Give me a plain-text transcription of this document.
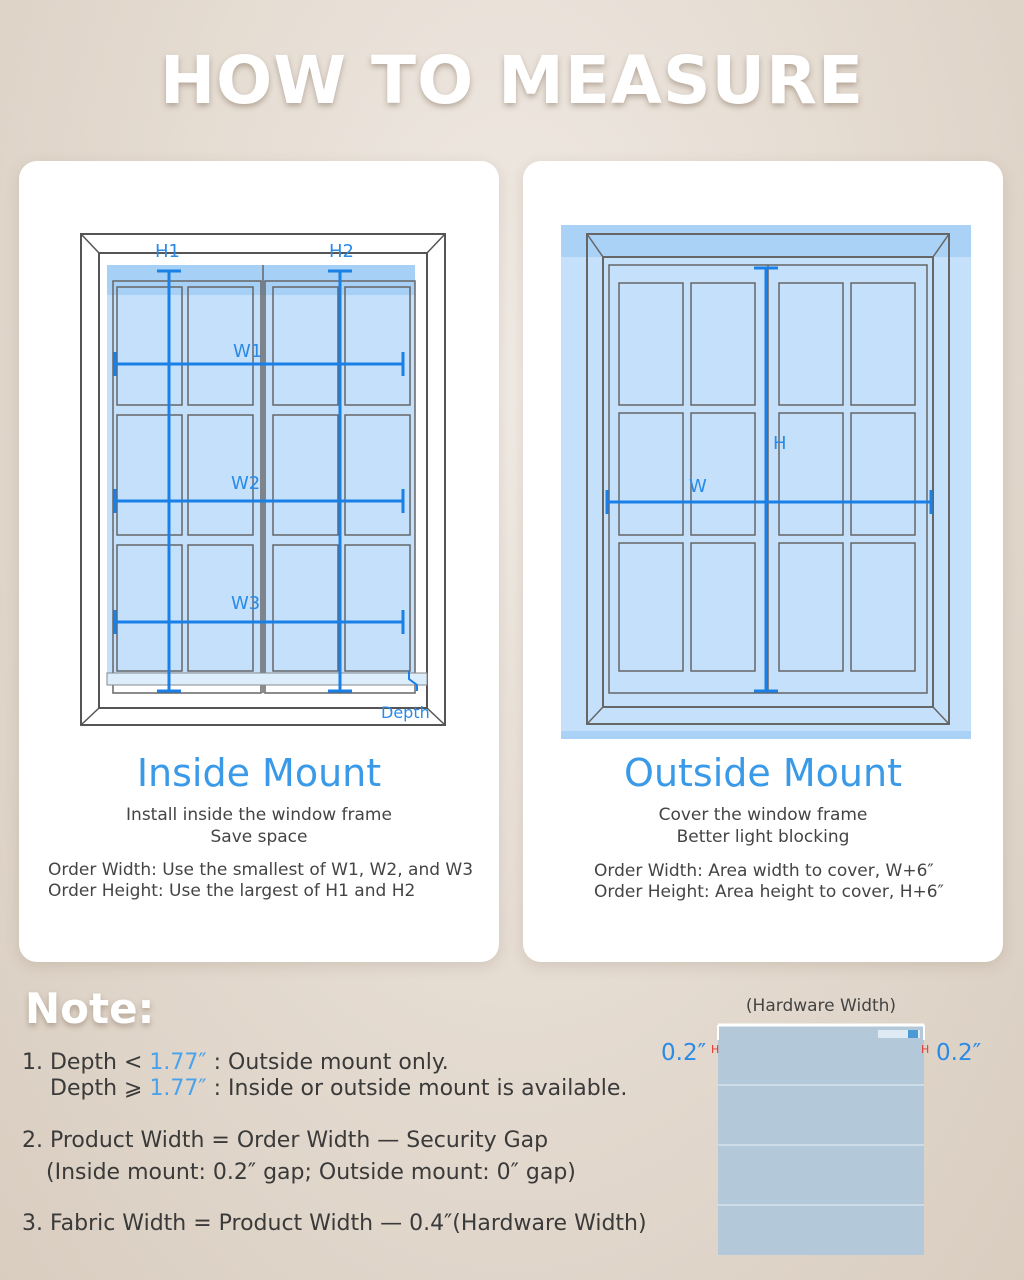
HOW TO MEASURE
H1	H2
W1
W2
W3
Depth
Inside Mount
Install inside the window frame
Save space
Order Width: Use the smallest of W1, W2, and W3
Order Height: Use the largest of H1 and H2
H
W
Outside Mount
Cover the window frame
Better light blocking
Order Width: Area width to cover, W+6″
Order Height: Area height to cover, H+6″
Note:
1. Depth < 1.77″ : Outside mount only.
Depth ⩾ 1.77″ : Inside or outside mount is available.
2. Product Width = Order Width — Security Gap
(Inside mount: 0.2″ gap; Outside mount: 0″ gap)
3. Fabric Width = Product Width — 0.4″(Hardware Width)
(Hardware Width)
0.2″	0.2″
H	H
